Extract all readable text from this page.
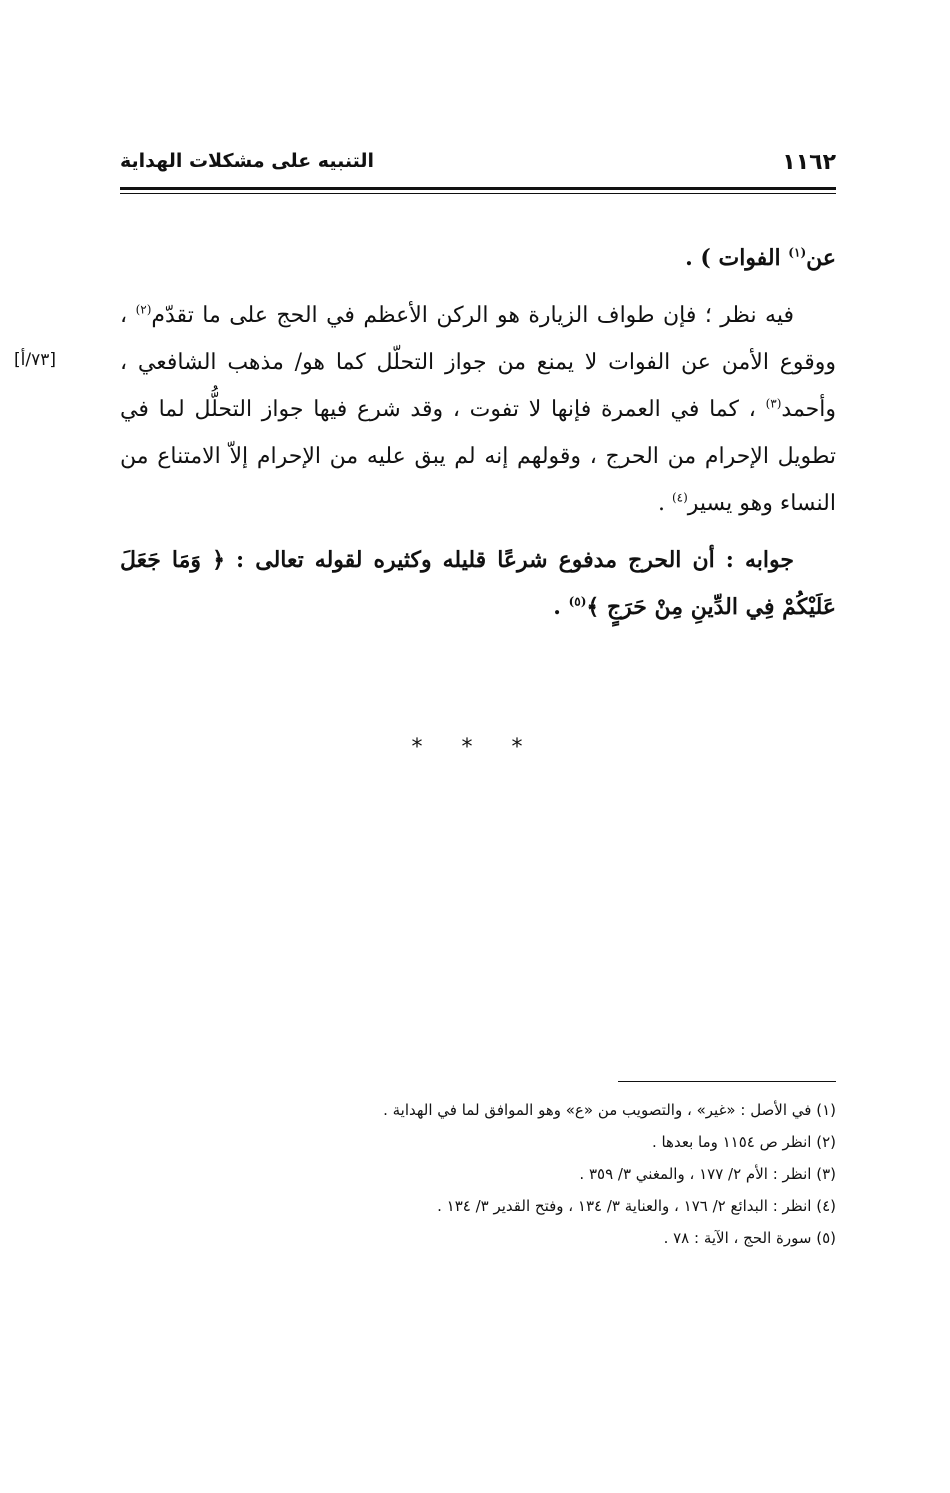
١١٦٢
التنبيه على مشكلات الهداية

عن$^{(١)}$ الفوات ) .

فيه نظر ؛ فإن طواف الزيارة هو الركن الأعظم في الحج على ما تقدّم$^{(٢)}$ ، ووقوع الأمن عن الفوات لا يمنع من جواز التحلّل كما هو/ مذهب الشافعي ، وأحمد$^{(٣)}$ ، كما في العمرة فإنها لا تفوت ، وقد شرع فيها جواز التحلُّل لما في تطويل الإحرام من الحرج ، وقولهم إنه لم يبق عليه من الإحرام إلاّ الامتناع من النساء وهو يسير$^{(٤)}$ .

[٧٣/أ]

جوابه : أن الحرج مدفوع شرعًا قليله وكثيره لقوله تعالى : ﴿ وَمَا جَعَلَ عَلَيْكُمْ فِي الدِّينِ مِنْ حَرَجٍ ﴾$^{(٥)}$ .

* * *
(١) في الأصل : «غير» ، والتصويب من «ع» وهو الموافق لما في الهداية .
(٢) انظر ص ١١٥٤ وما بعدها .
(٣) انظر : الأم ٢/ ١٧٧ ، والمغني ٣/ ٣٥٩ .
(٤) انظر : البدائع ٢/ ١٧٦ ، والعناية ٣/ ١٣٤ ، وفتح القدير ٣/ ١٣٤ .
(٥) سورة الحج ، الآية : ٧٨ .
